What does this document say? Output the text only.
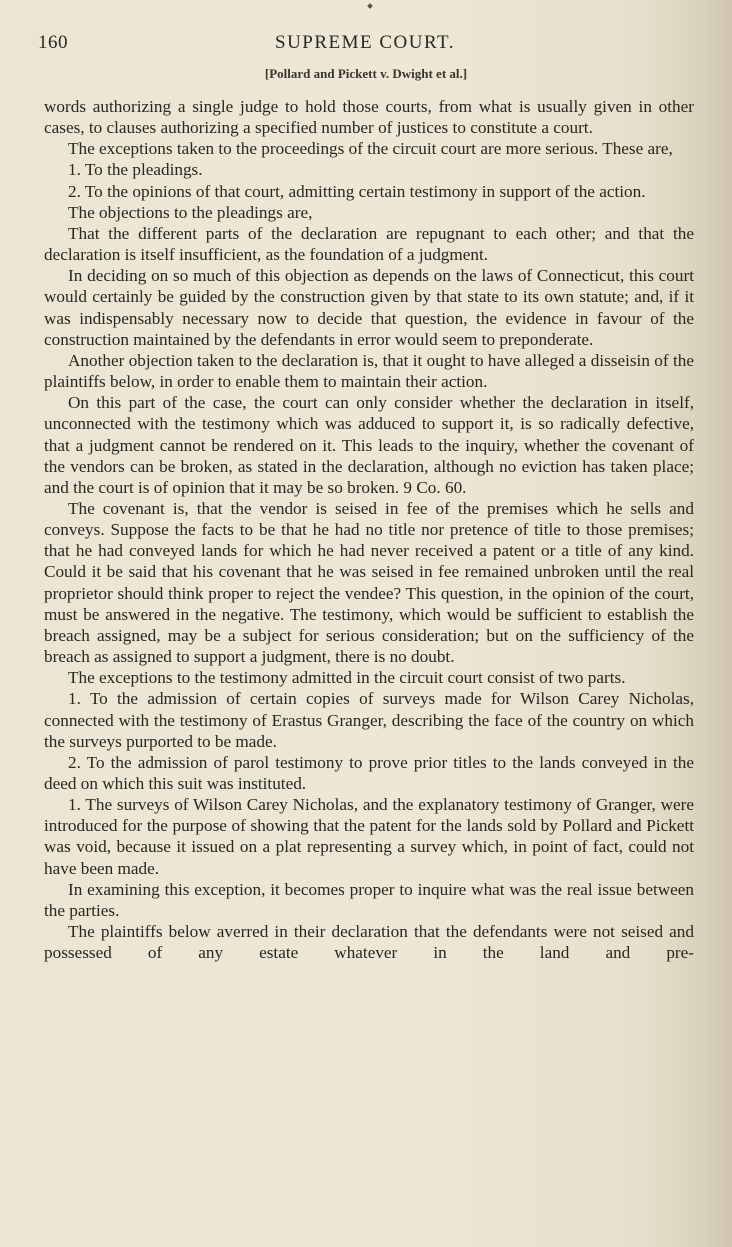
160	SUPREME COURT.
[Pollard and Pickett v. Dwight et al.]

words authorizing a single judge to hold those courts, from what is usually given in other cases, to clauses authorizing a specified number of justices to constitute a court.

The exceptions taken to the proceedings of the circuit court are more serious. These are,

1. To the pleadings.

2. To the opinions of that court, admitting certain testimony in support of the action.

The objections to the pleadings are,

That the different parts of the declaration are repugnant to each other; and that the declaration is itself insufficient, as the foundation of a judgment.

In deciding on so much of this objection as depends on the laws of Connecticut, this court would certainly be guided by the construction given by that state to its own statute; and, if it was indispensably necessary now to decide that question, the evidence in favour of the construction maintained by the defendants in error would seem to preponderate.

Another objection taken to the declaration is, that it ought to have alleged a disseisin of the plaintiffs below, in order to enable them to maintain their action.

On this part of the case, the court can only consider whether the declaration in itself, unconnected with the testimony which was adduced to support it, is so radically defective, that a judgment cannot be rendered on it. This leads to the inquiry, whether the covenant of the vendors can be broken, as stated in the declaration, although no eviction has taken place; and the court is of opinion that it may be so broken. 9 Co. 60.

The covenant is, that the vendor is seised in fee of the premises which he sells and conveys. Suppose the facts to be that he had no title nor pretence of title to those premises; that he had conveyed lands for which he had never received a patent or a title of any kind. Could it be said that his covenant that he was seised in fee remained unbroken until the real proprietor should think proper to reject the vendee? This question, in the opinion of the court, must be answered in the negative. The testimony, which would be sufficient to establish the breach assigned, may be a subject for serious consideration; but on the sufficiency of the breach as assigned to support a judgment, there is no doubt.

The exceptions to the testimony admitted in the circuit court consist of two parts.

1. To the admission of certain copies of surveys made for Wilson Carey Nicholas, connected with the testimony of Erastus Granger, describing the face of the country on which the surveys purported to be made.

2. To the admission of parol testimony to prove prior titles to the lands conveyed in the deed on which this suit was instituted.

1. The surveys of Wilson Carey Nicholas, and the explanatory testimony of Granger, were introduced for the purpose of showing that the patent for the lands sold by Pollard and Pickett was void, because it issued on a plat representing a survey which, in point of fact, could not have been made.

In examining this exception, it becomes proper to inquire what was the real issue between the parties.

The plaintiffs below averred in their declaration that the defendants were not seised and possessed of any estate whatever in the land and pre-
